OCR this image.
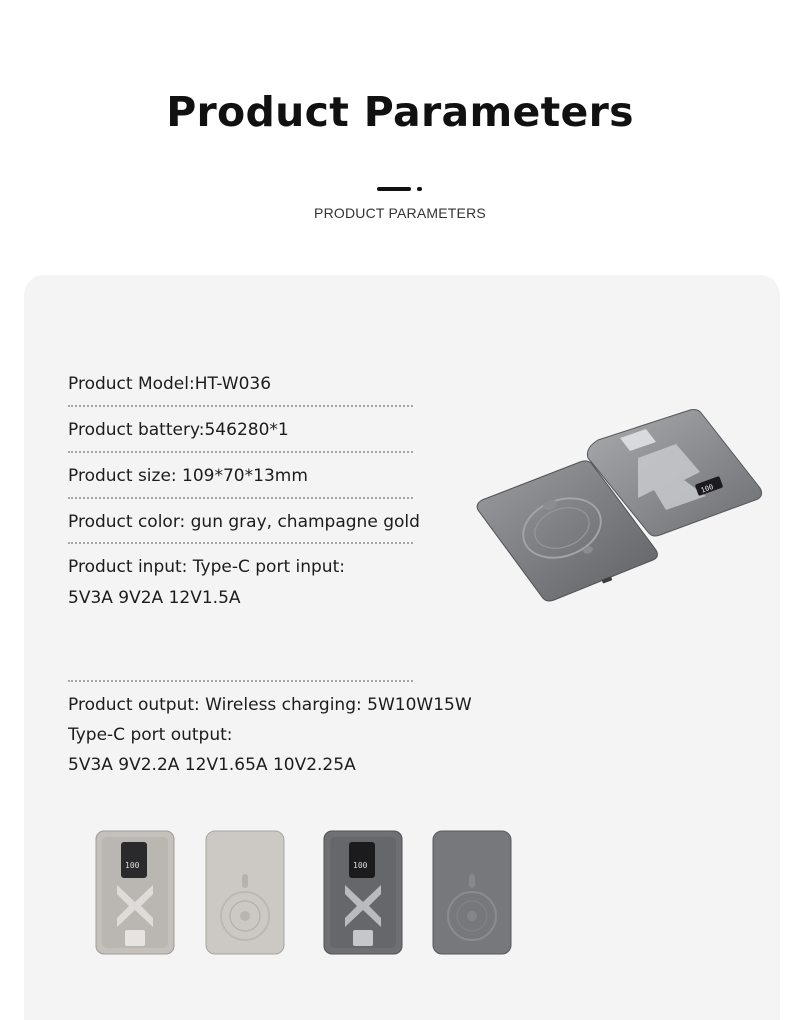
Product Parameters
PRODUCT PARAMETERS
Product Model:HT-W036
Product battery:546280*1
Product size: 109*70*13mm
Product color: gun gray, champagne gold
Product input: Type-C port input:
5V3A 9V2A 12V1.5A
Product output: Wireless charging: 5W10W15W
Type-C port output:
5V3A 9V2.2A 12V1.65A 10V2.25A
100
100	100
